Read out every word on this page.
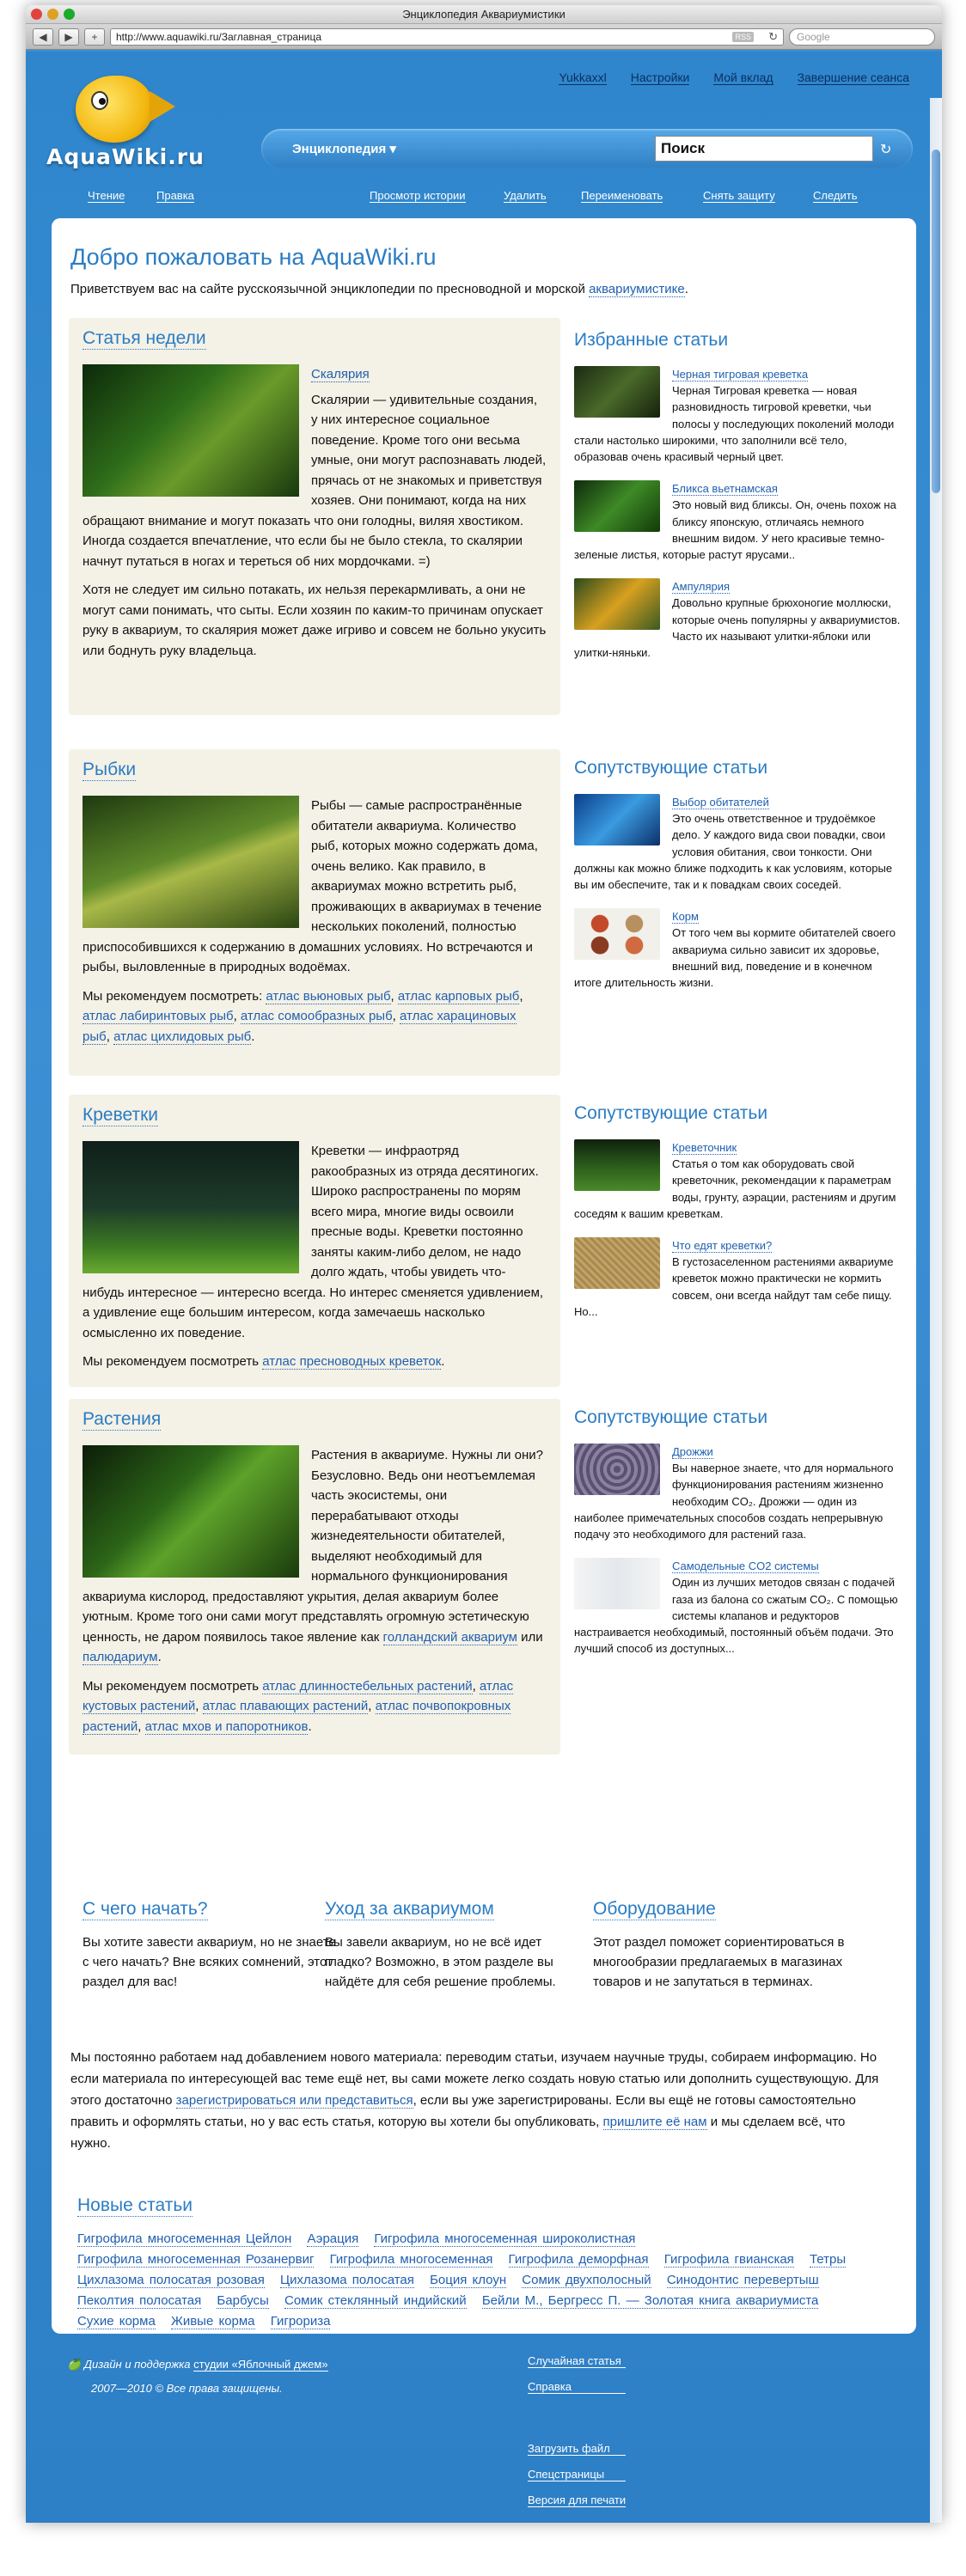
Энциклопедия Аквариумистики
◀	▶	+	http://www.aquawiki.ru/Заглавная_страница	RSS ↻	Google
AquaWiki.ru
Yukkaxxl Настройки Мой вклад Завершение сеанса
Энциклопедия ▾	Поиск	↻
Чтение	Правка	Просмотр истории	Удалить	Переименовать	Снять защиту	Следить
Добро пожаловать на AquaWiki.ru
Приветствуем вас на сайте русскоязычной энциклопедии по пресноводной и морской аквариумистике.
Статья недели

Скалярия

Скалярии — удивительные создания, у них интересное социальное поведение. Кроме того они весьма умные, они могут распознавать людей, прячась от не знакомых и приветствуя хозяев. Они понимают, когда на них обращают внимание и могут показать что они голодны, виляя хвостиком. Иногда создается впечатление, что если бы не было стекла, то скалярии начнут путаться в ногах и тереться об них мордочками. =)

Хотя не следует им сильно потакать, их нельзя перекармливать, а они не могут сами понимать, что сыты. Если хозяин по каким-то причинам опускает руку в аквариум, то скалярия может даже игриво и совсем не больно укусить или боднуть руку владельца.

Рыбки

Рыбы — самые распространённые обитатели аквариума. Количество рыб, которых можно содержать дома, очень велико. Как правило, в аквариумах можно встретить рыб, проживающих в аквариумах в течение нескольких поколений, полностью приспособившихся к содержанию в домашних условиях. Но встречаются и рыбы, выловленные в природных водоёмах.

Мы рекомендуем посмотреть: атлас вьюновых рыб, атлас карповых рыб, атлас лабиринтовых рыб, атлас сомообразных рыб, атлас харациновых рыб, атлас цихлидовых рыб.

Креветки

Креветки — инфраотряд ракообразных из отряда десятиногих. Широко распространены по морям всего мира, многие виды освоили пресные воды. Креветки постоянно заняты каким-либо делом, не надо долго ждать, чтобы увидеть что-нибудь интересное — интересно всегда. Но интерес сменяется удивлением, а удивление еще большим интересом, когда замечаешь насколько осмысленно их поведение.

Мы рекомендуем посмотреть атлас пресноводных креветок.

Растения

Растения в аквариуме. Нужны ли они? Безусловно. Ведь они неотъемлемая часть экосистемы, они перерабатывают отходы жизнедеятельности обитателей, выделяют необходимый для нормального функционирования аквариума кислород, предоставляют укрытия, делая аквариум более уютным. Кроме того они сами могут представлять огромную эстетическую ценность, не даром появилось такое явление как голландский аквариум или палюдариум.

Мы рекомендуем посмотреть атлас длинностебельных растений, атлас кустовых растений, атлас плавающих растений, атлас почвопокровных растений, атлас мхов и папоротников.

Избранные статьи
Черная тигровая креветка
Черная Тигровая креветка — новая разновидность тигровой креветки, чьи полосы у последующих поколений молоди стали настолько широкими, что заполнили всё тело, образовав очень красивый черный цвет.
Бликса вьетнамская
Это новый вид бликсы. Он, очень похож на бликсу японскую, отличаясь немного внешним видом. У него красивые темно-зеленые листья, которые растут ярусами..
Ампулярия
Довольно крупные брюхоногие моллюски, которые очень популярны у аквариумистов. Часто их называют улитки-яблоки или улитки-няньки.
Сопутствующие статьи
Выбор обитателей
Это очень ответственное и трудоёмкое дело. У каждого вида свои повадки, свои условия обитания, свои тонкости. Они должны как можно ближе подходить к как условиям, которые вы им обеспечите, так и к повадкам своих соседей.
Корм
От того чем вы кормите обитателей своего аквариума сильно зависит их здоровье, внешний вид, поведение и в конечном итоге длительность жизни.
Сопутствующие статьи
Креветочник
Статья о том как оборудовать свой креветочник, рекомендации к параметрам воды, грунту, аэрации, растениям и другим соседям к вашим креветкам.
Что едят креветки?
В густозаселенном растениями аквариуме креветок можно практически не кормить совсем, они всегда найдут там себе пищу. Но...
Сопутствующие статьи
Дрожжи
Вы наверное знаете, что для нормального функционирования растениям жизненно необходим CO₂. Дрожжи — один из наиболее примечательных способов создать непрерывную подачу это необходимого для растений газа.
Самодельные CO2 системы
Один из лучших методов связан с подачей газа из балона со сжатым CO₂. С помощью системы клапанов и редукторов настраивается необходимый, постоянный объём подачи. Это лучший способ из доступных...
С чего начать?
Вы хотите завести аквариум, но не знаете с чего начать? Вне всяких сомнений, этот раздел для вас!
Уход за аквариумом
Вы завели аквариум, но не всё идет гладко? Возможно, в этом разделе вы найдёте для себя решение проблемы.
Оборудование
Этот раздел поможет сориентироваться в многообразии предлагаемых в магазинах товаров и не запутаться в терминах.
Мы постоянно работаем над добавлением нового материала: переводим статьи, изучаем научные труды, собираем информацию. Но если материала по интересующей вас теме ещё нет, вы сами можете легко создать новую статью или дополнить существующую. Для этого достаточно зарегистрироваться или представиться, если вы уже зарегистрированы. Если вы ещё не готовы самостоятельно править и оформлять статьи, но у вас есть статья, которую вы хотели бы опубликовать, пришлите её нам и мы сделаем всё, что нужно.
Новые статьи
Гигрофила многосеменная Цейлон Аэрация Гигрофила многосеменная широколистная Гигрофила многосеменная Розанервиг Гигрофила многосеменная Гигрофила деморфная Гигрофила гвианская Тетры Цихлазома полосатая розовая Цихлазома полосатая Боция клоун Сомик двухполосный Синодонтис перевертыш Пеколтия полосатая Барбусы Сомик стеклянный индийский Бейли М., Бергресс П. — Золотая книга аквариумиста Сухие корма Живые корма Гигрориза
🍏 Дизайн и поддержка студии «Яблочный джем»
2007—2010 © Все права защищены.
Случайная статья
Справка
Загрузить файл
Спецстраницы
Версия для печати
